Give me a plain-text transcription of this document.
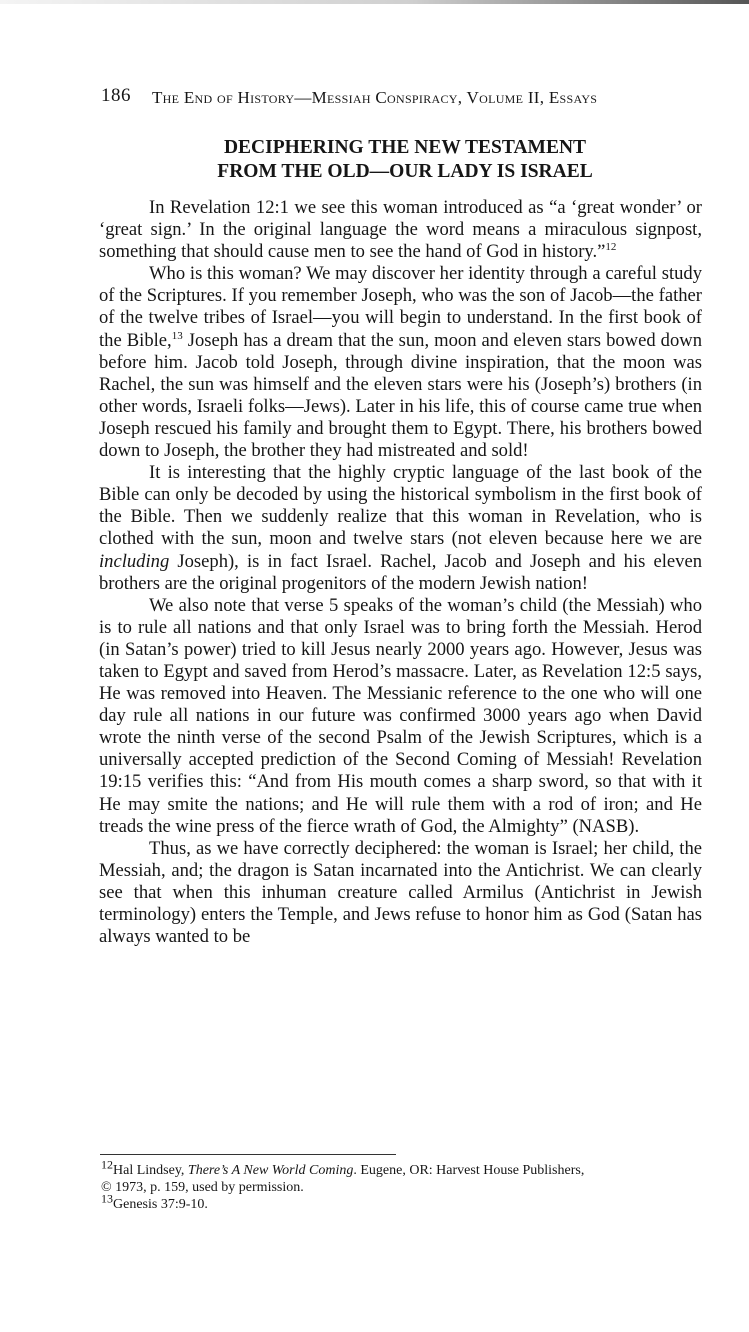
186 The End of History—Messiah Conspiracy, Volume II, Essays
DECIPHERING THE NEW TESTAMENT
FROM THE OLD—OUR LADY IS ISRAEL

In Revelation 12:1 we see this woman introduced as “a ‘great wonder’ or ‘great sign.’ In the original language the word means a miraculous signpost, something that should cause men to see the hand of God in history.”$^{12}$

Who is this woman? We may discover her identity through a careful study of the Scriptures. If you remember Joseph, who was the son of Jacob—the father of the twelve tribes of Israel—you will begin to understand. In the first book of the Bible,$^{13}$ Joseph has a dream that the sun, moon and eleven stars bowed down before him. Jacob told Joseph, through divine inspiration, that the moon was Rachel, the sun was himself and the eleven stars were his (Joseph’s) brothers (in other words, Israeli folks—Jews). Later in his life, this of course came true when Joseph rescued his family and brought them to Egypt. There, his brothers bowed down to Joseph, the brother they had mistreated and sold!

It is interesting that the highly cryptic language of the last book of the Bible can only be decoded by using the historical symbolism in the first book of the Bible. Then we suddenly realize that this woman in Revelation, who is clothed with the sun, moon and twelve stars (not eleven because here we are including Joseph), is in fact Israel. Rachel, Jacob and Joseph and his eleven brothers are the original progenitors of the modern Jewish nation!

We also note that verse 5 speaks of the woman’s child (the Messiah) who is to rule all nations and that only Israel was to bring forth the Messiah. Herod (in Satan’s power) tried to kill Jesus nearly 2000 years ago. However, Jesus was taken to Egypt and saved from Herod’s massacre. Later, as Revelation 12:5 says, He was removed into Heaven. The Messianic reference to the one who will one day rule all nations in our future was confirmed 3000 years ago when David wrote the ninth verse of the second Psalm of the Jewish Scriptures, which is a universally accepted prediction of the Second Coming of Messiah! Revelation 19:15 verifies this: “And from His mouth comes a sharp sword, so that with it He may smite the nations; and He will rule them with a rod of iron; and He treads the wine press of the fierce wrath of God, the Almighty” (NASB).

Thus, as we have correctly deciphered: the woman is Israel; her child, the Messiah, and; the dragon is Satan incarnated into the Antichrist. We can clearly see that when this inhuman creature called Armilus (Antichrist in Jewish terminology) enters the Temple, and Jews refuse to honor him as God (Satan has always wanted to be

$^{12}$Hal Lindsey, There’s A New World Coming. Eugene, OR: Harvest House Publishers,
© 1973, p. 159, used by permission.
$^{13}$Genesis 37:9-10.
